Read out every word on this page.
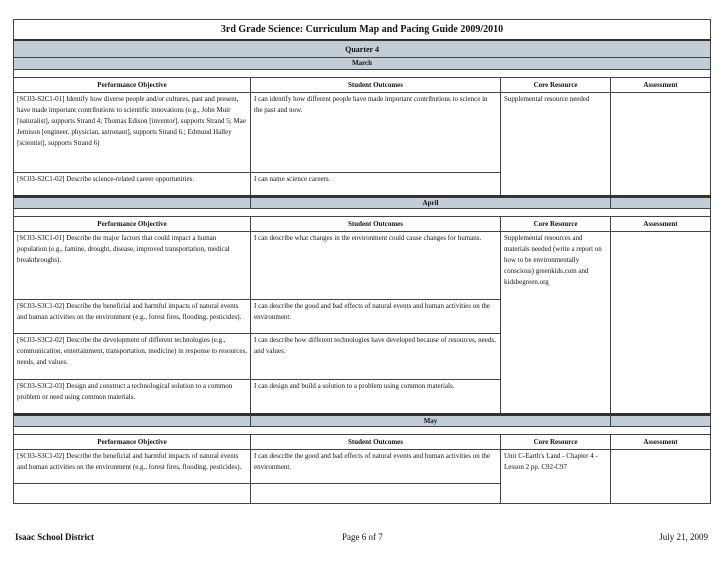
3rd Grade Science: Curriculum Map and Pacing Guide 2009/2010			
Quarter 4			
March			

Performance Objective	Student Outcomes	Core Resource	Assessment
[SC03-S2C1-01] Identify how diverse people and/or cultures, past and present, have made important contributions to scientific innovations (e.g., John Muir [naturalist], supports Strand 4; Thomas Edison [inventor], supports Strand 5; Mae Jemison [engineer, physician, astronaut], supports Strand 6.; Edmund Halley [scientist], supports Strand 6)	I can identify how different people have made important contributions to science in the past and now.	Supplemental resource needed	
[SC03-S2C1-02] Describe science-related career opportunities.	I can name science careers.		
	April		

Performance Objective	Student Outcomes	Core Resource	Assessment
[SC03-S3C1-01] Describe the major factors that could impact a human population (e.g., famine, drought, disease, improved transportation, medical breakthroughs).	I can describe what changes in the environment could cause changes for humans.	Supplemental resources and materials needed (write a report on how to be environmentally conscious) greenkids.com and kidsbegreen.org	
[SC03-S3C1-02] Describe the beneficial and harmful impacts of natural events and human activities on the environment (e.g., forest fires, flooding, pesticides).	I can describe the good and bad effects of natural events and human activities on the environment.		
[SC03-S3C2-02] Describe the development of different technologies (e.g., communication, entertainment, transportation, medicine) in response to resources, needs, and values.	I can describe how different technologies have developed because of resources, needs, and values.		
[SC03-S3C2-03] Design and construct a technological solution to a common problem or need using common materials.	I can design and build a solution to a problem using common materials.		
	May		

Performance Objective	Student Outcomes	Core Resource	Assessment
[SC03-S3C1-02] Describe the beneficial and harmful impacts of natural events and human activities on the environment (e.g., forest fires, flooding, pesticides).	I can describe the good and bad effects of natural events and human activities on the environment.	Unit C-Earth's Land - Chapter 4 - Lesson 2 pp. C92-C97	

Isaac School District	Page 6 of 7	July 21, 2009
